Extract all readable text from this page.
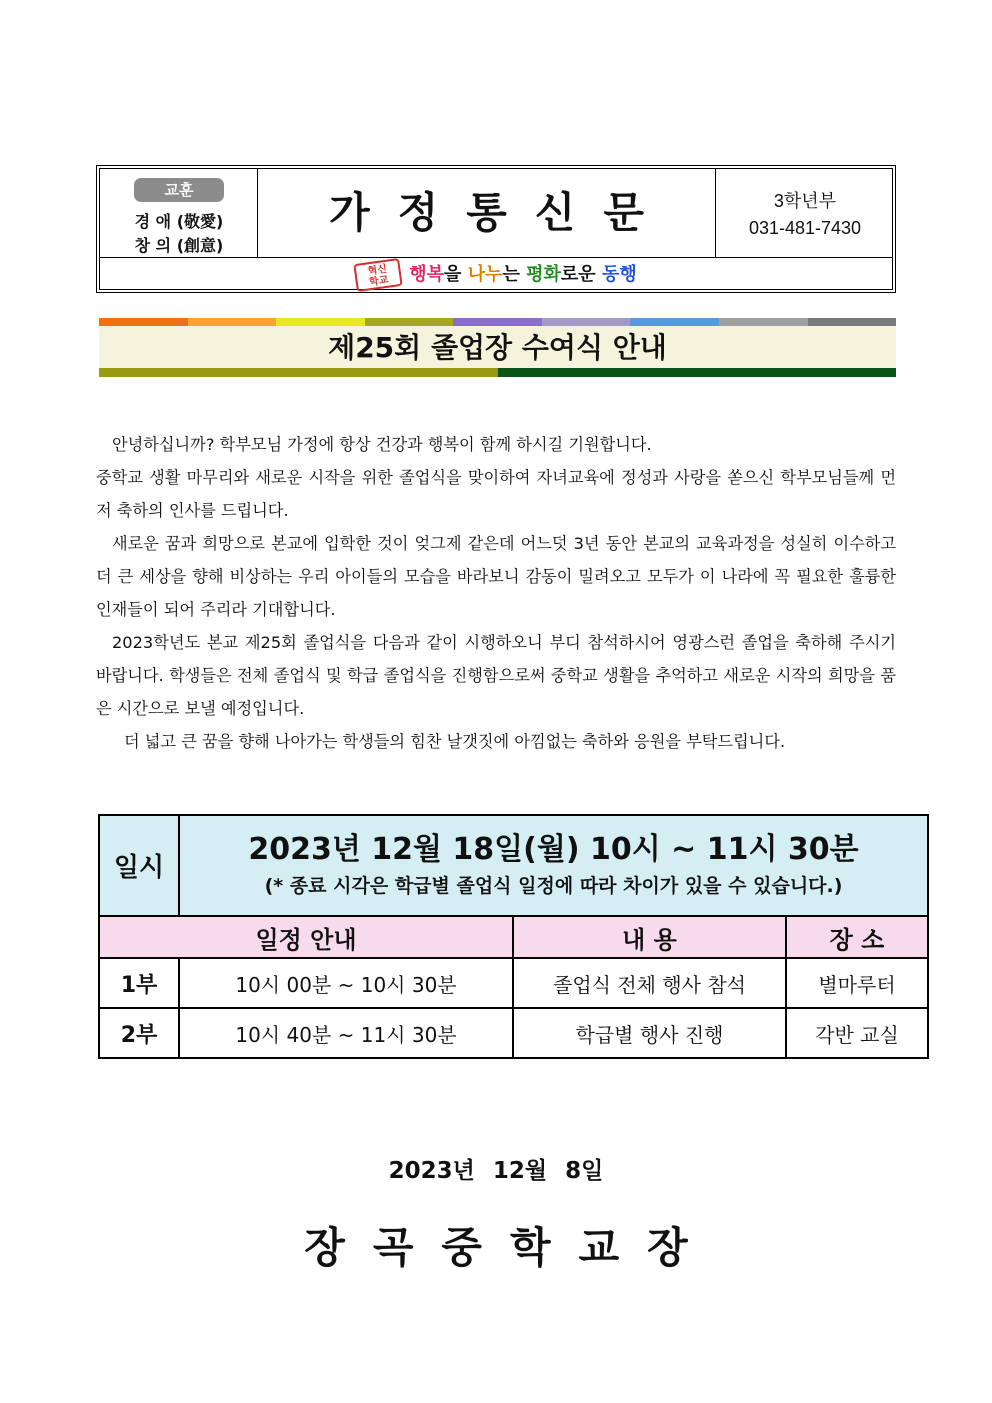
교훈
경 애 (敬愛)
창 의 (創意)
가정통신문	3학년부
031-481-7430
혁신
학교 행복을 나누는 평화로운 동행
제25회 졸업장 수여식 안내

안녕하십니까? 학부모님 가정에 항상 건강과 행복이 함께 하시길 기원합니다.

중학교 생활 마무리와 새로운 시작을 위한 졸업식을 맞이하여 자녀교육에 정성과 사랑을 쏟으신 학부모님들께 먼저 축하의 인사를 드립니다.

새로운 꿈과 희망으로 본교에 입학한 것이 엊그제 같은데 어느덧 3년 동안 본교의 교육과정을 성실히 이수하고 더 큰 세상을 향해 비상하는 우리 아이들의 모습을 바라보니 감동이 밀려오고 모두가 이 나라에 꼭 필요한 훌륭한 인재들이 되어 주리라 기대합니다.

2023학년도 본교 제25회 졸업식을 다음과 같이 시행하오니 부디 참석하시어 영광스런 졸업을 축하해 주시기 바랍니다. 학생들은 전체 졸업식 및 학급 졸업식을 진행함으로써 중학교 생활을 추억하고 새로운 시작의 희망을 품은 시간으로 보낼 예정입니다.

더 넓고 큰 꿈을 향해 나아가는 학생들의 힘찬 날갯짓에 아낌없는 축하와 응원을 부탁드립니다.

일시	2023년 12월 18일(월) 10시 ~ 11시 30분
(* 종료 시각은 학급별 졸업식 일정에 따라 차이가 있을 수 있습니다.)		

일정 안내		내 용	장 소
1부	10시 00분 ~ 10시 30분	졸업식 전체 행사 참석	별마루터
2부	10시 40분 ~ 11시 30분	학급별 행사 진행	각반 교실
2023년 12월 8일
장곡중학교장
